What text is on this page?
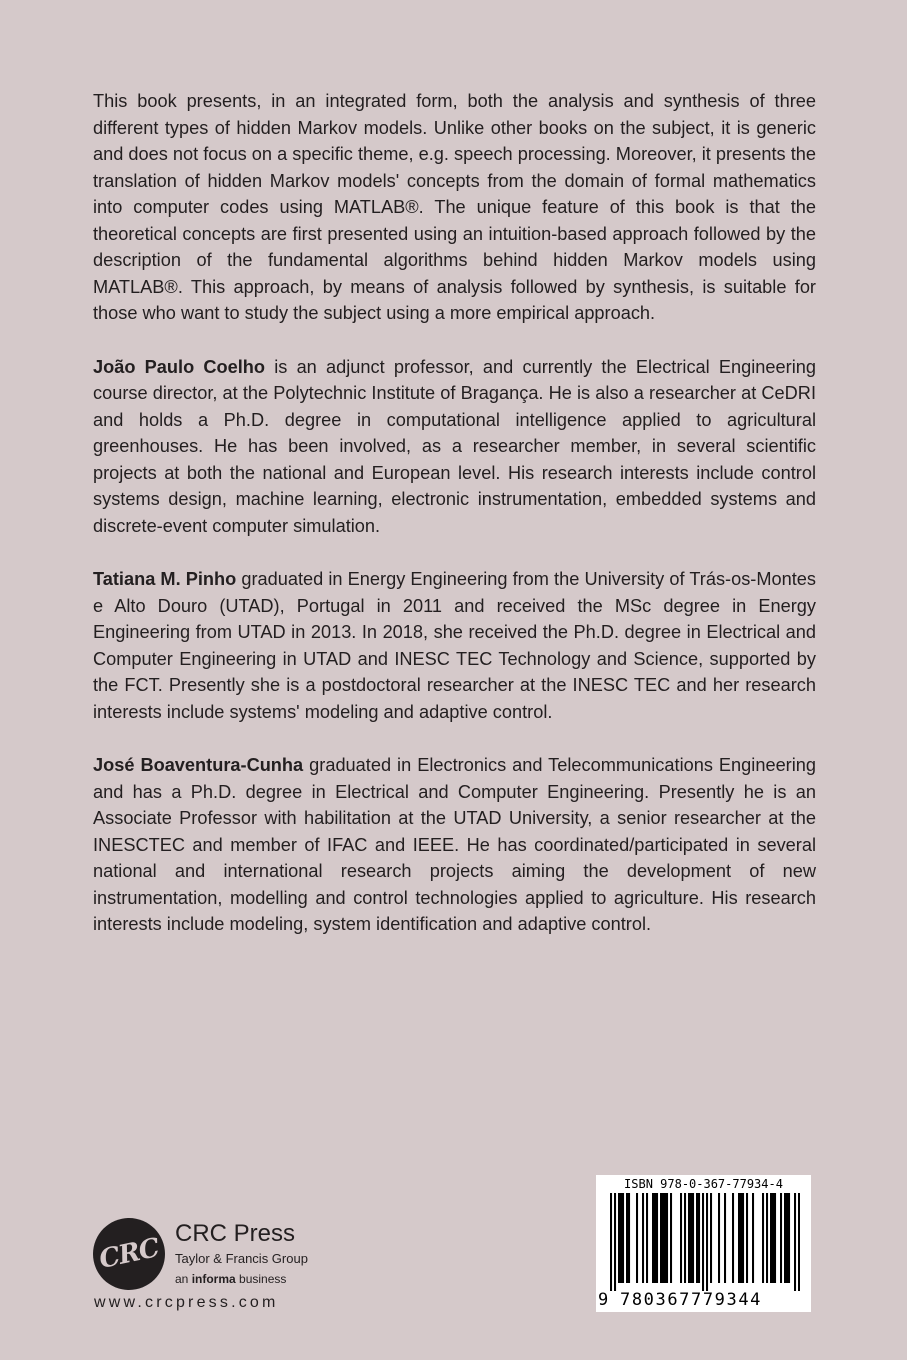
This book presents, in an integrated form, both the analysis and synthesis of three different types of hidden Markov models. Unlike other books on the subject, it is generic and does not focus on a specific theme, e.g. speech processing. Moreover, it presents the translation of hidden Markov models' concepts from the domain of formal mathematics into computer codes using MATLAB®. The unique feature of this book is that the theoretical concepts are first presented using an intuition-based approach followed by the description of the fundamental algorithms behind hidden Markov models using MATLAB®. This approach, by means of analysis followed by synthesis, is suitable for those who want to study the subject using a more empirical approach.

João Paulo Coelho is an adjunct professor, and currently the Electrical Engineering course director, at the Polytechnic Institute of Bragança. He is also a researcher at CeDRI and holds a Ph.D. degree in computational intelligence applied to agricultural greenhouses. He has been involved, as a researcher member, in several scientific projects at both the national and European level. His research interests include control systems design, machine learning, electronic instrumentation, embedded systems and discrete-event computer simulation.

Tatiana M. Pinho graduated in Energy Engineering from the University of Trás-os-Montes e Alto Douro (UTAD), Portugal in 2011 and received the MSc degree in Energy Engineering from UTAD in 2013. In 2018, she received the Ph.D. degree in Electrical and Computer Engineering in UTAD and INESC TEC Technology and Science, supported by the FCT. Presently she is a postdoctoral researcher at the INESC TEC and her research interests include systems' modeling and adaptive control.

José Boaventura-Cunha graduated in Electronics and Telecommunications Engineering and has a Ph.D. degree in Electrical and Computer Engineering. Presently he is an Associate Professor with habilitation at the UTAD University, a senior researcher at the INESCTEC and member of IFAC and IEEE. He has coordinated/participated in several national and international research projects aiming the development of new instrumentation, modelling and control technologies applied to agriculture. His research interests include modeling, system identification and adaptive control.

CRC CRC Press
Taylor & Francis Group
an informa business
www.crcpress.com
ISBN 978-0-367-77934-4
9 780367779344
